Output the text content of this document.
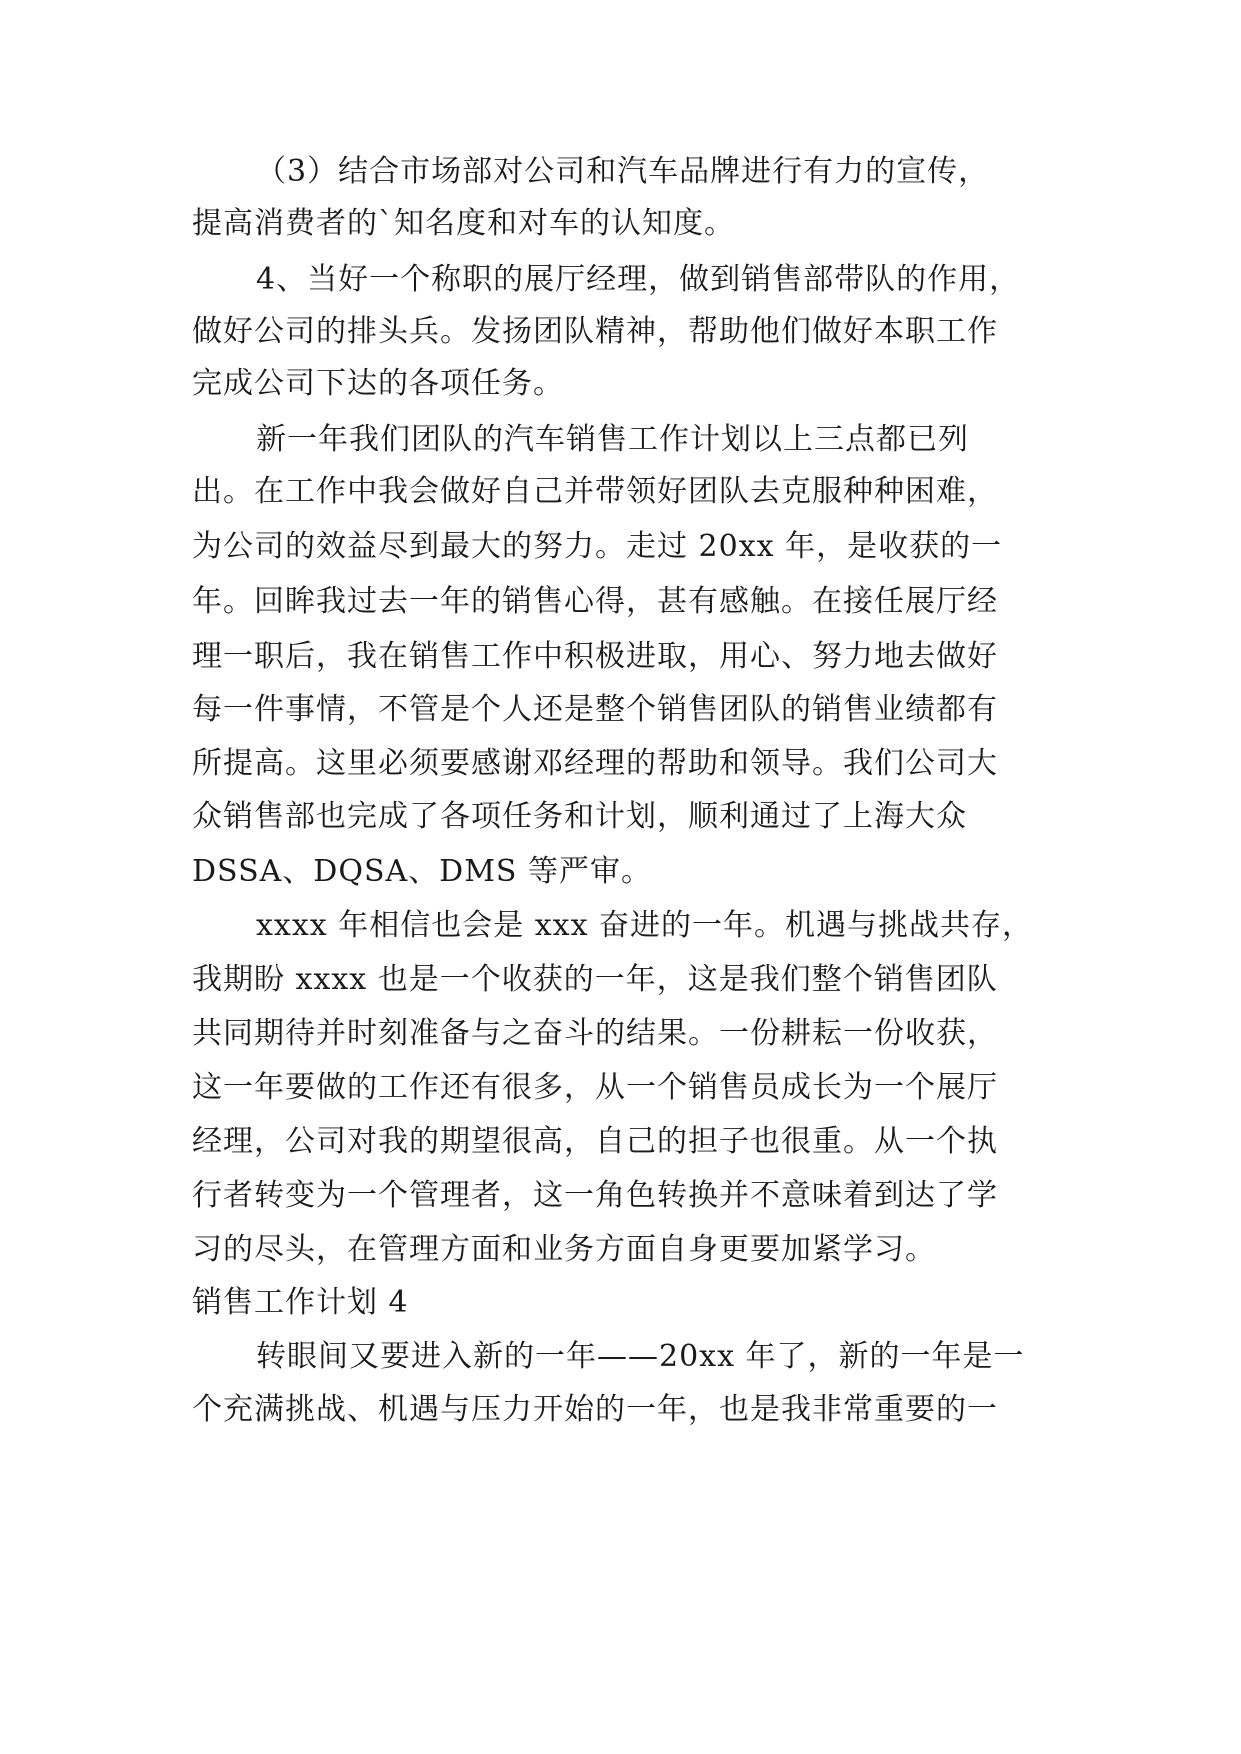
（3）结合市场部对公司和汽车品牌进行有力的宣传，
提高消费者的`知名度和对车的认知度。
4、当好一个称职的展厅经理，做到销售部带队的作用，
做好公司的排头兵。发扬团队精神，帮助他们做好本职工作
完成公司下达的各项任务。
新一年我们团队的汽车销售工作计划以上三点都已列
出。在工作中我会做好自己并带领好团队去克服种种困难，
为公司的效益尽到最大的努力。走过 20xx 年，是收获的一
年。回眸我过去一年的销售心得，甚有感触。在接任展厅经
理一职后，我在销售工作中积极进取，用心、努力地去做好
每一件事情，不管是个人还是整个销售团队的销售业绩都有
所提高。这里必须要感谢邓经理的帮助和领导。我们公司大
众销售部也完成了各项任务和计划，顺利通过了上海大众
DSSA、DQSA、DMS 等严审。
xxxx 年相信也会是 xxx 奋进的一年。机遇与挑战共存，
我期盼 xxxx 也是一个收获的一年，这是我们整个销售团队
共同期待并时刻准备与之奋斗的结果。一份耕耘一份收获，
这一年要做的工作还有很多，从一个销售员成长为一个展厅
经理，公司对我的期望很高，自己的担子也很重。从一个执
行者转变为一个管理者，这一角色转换并不意味着到达了学
习的尽头，在管理方面和业务方面自身更要加紧学习。
销售工作计划 4
转眼间又要进入新的一年——20xx 年了，新的一年是一
个充满挑战、机遇与压力开始的一年，也是我非常重要的一
